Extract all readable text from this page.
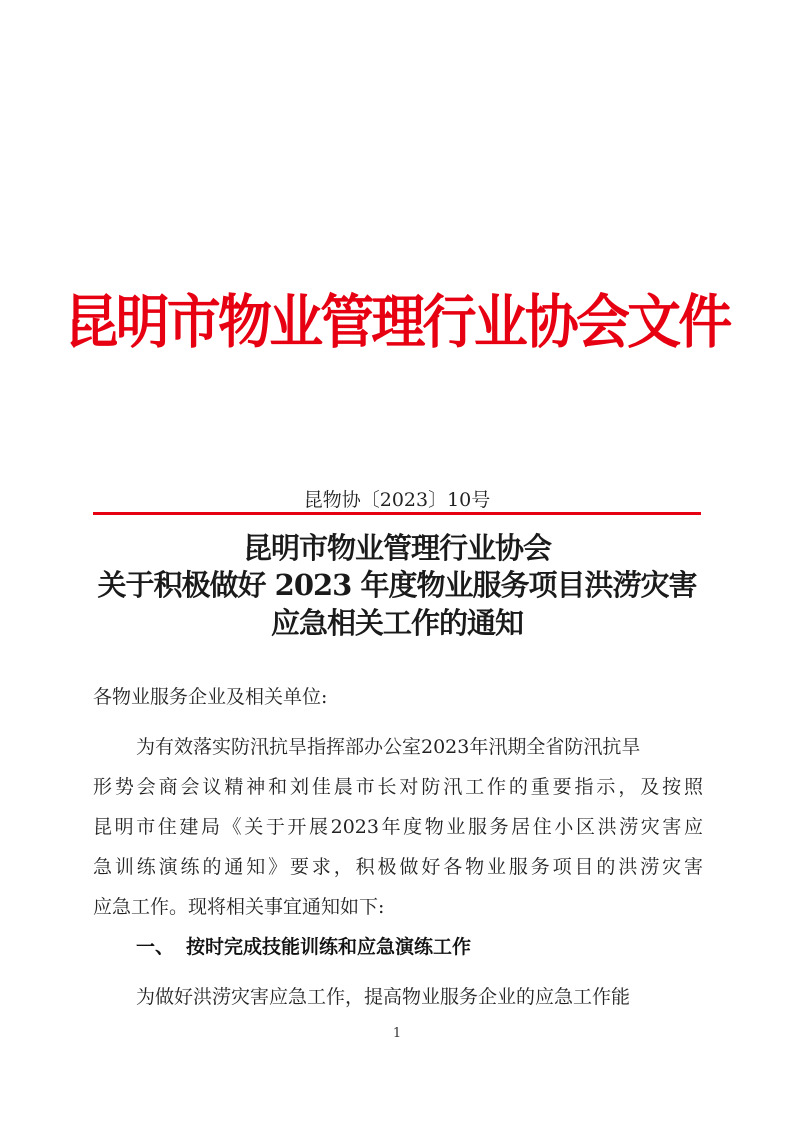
昆明市物业管理行业协会文件
昆物协〔2023〕10号
昆明市物业管理行业协会
关于积极做好 2023 年度物业服务项目洪涝灾害
应急相关工作的通知
各物业服务企业及相关单位:
为有效落实防汛抗旱指挥部办公室2023年汛期全省防汛抗旱
形势会商会议精神和刘佳晨市长对防汛工作的重要指示，及按照
昆明市住建局《关于开展2023年度物业服务居住小区洪涝灾害应
急训练演练的通知》要求，积极做好各物业服务项目的洪涝灾害
应急工作。现将相关事宜通知如下:
一、 按时完成技能训练和应急演练工作
为做好洪涝灾害应急工作，提高物业服务企业的应急工作能
1
